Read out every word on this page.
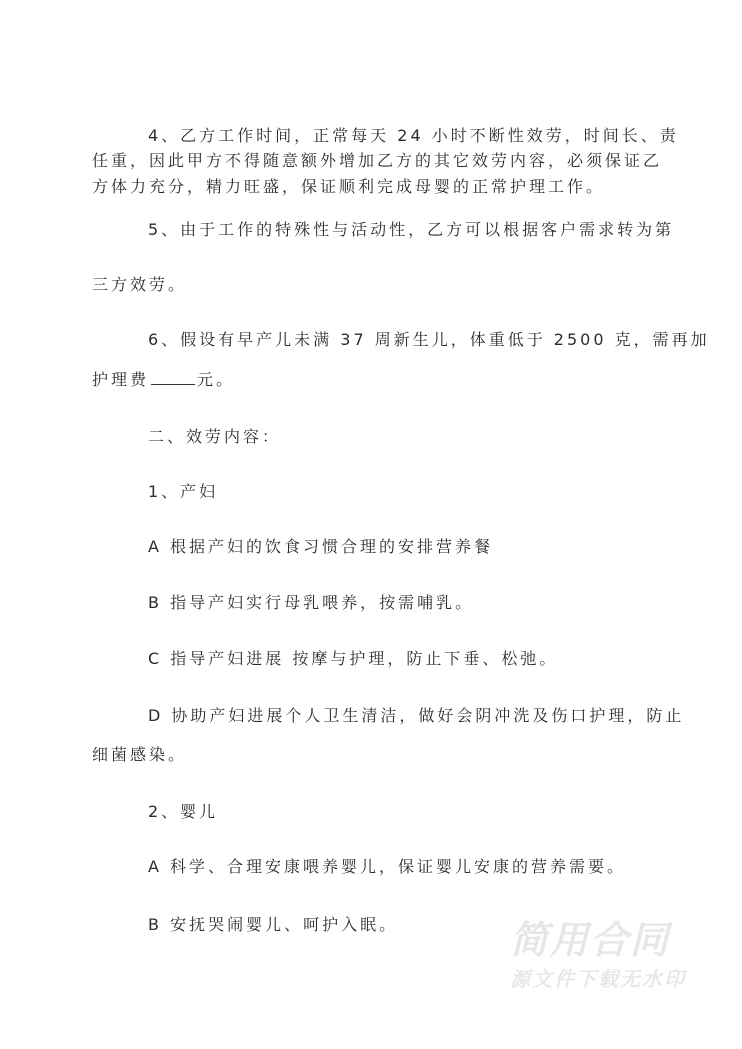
4、乙方工作时间，正常每天 24 小时不断性效劳，时间长、责
任重，因此甲方不得随意额外增加乙方的其它效劳内容，必须保证乙
方体力充分，精力旺盛，保证顺利完成母婴的正常护理工作。
5、由于工作的特殊性与活动性，乙方可以根据客户需求转为第
三方效劳。
6、假设有早产儿未满 37 周新生儿，体重低于 2500 克，需再加
护理费	元。
二、效劳内容：
1、产妇
A 根据产妇的饮食习惯合理的安排营养餐
B 指导产妇实行母乳喂养，按需哺乳。
C 指导产妇进展 按摩与护理，防止下垂、松弛。
D 协助产妇进展个人卫生清洁，做好会阴冲洗及伤口护理，防止
细菌感染。
2、婴儿
A 科学、合理安康喂养婴儿，保证婴儿安康的营养需要。
B 安抚哭闹婴儿、呵护入眠。	简用合同
源文件下载无水印
